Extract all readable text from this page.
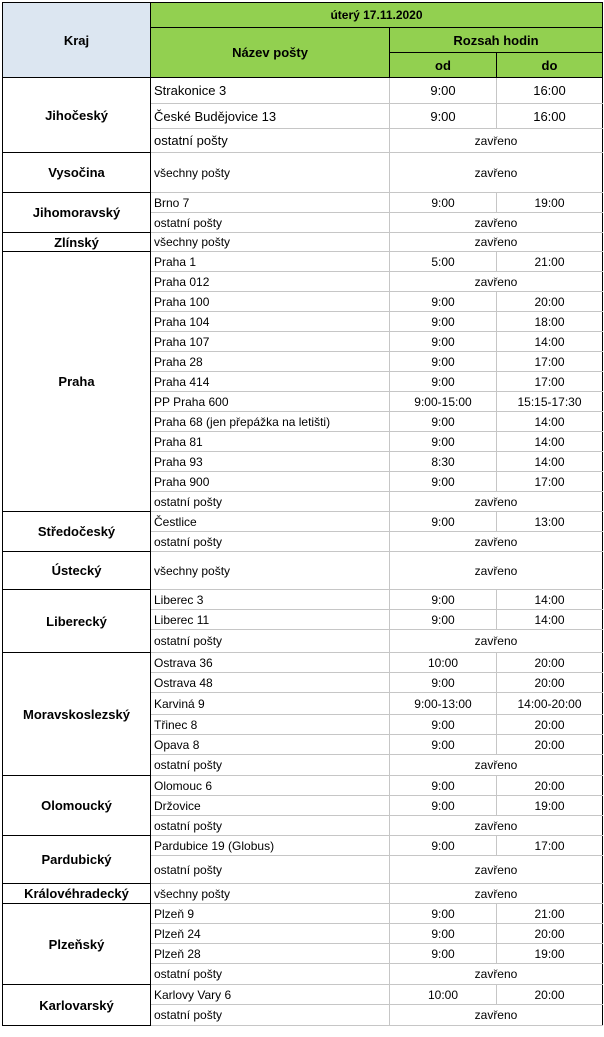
Kraj	úterý 17.11.2020		
	Název pošty	Rozsah hodin	
		od	do
Jihočeský	Strakonice 3	9:00	16:00
	České Budějovice 13	9:00	16:00
	ostatní pošty	zavřeno	
Vysočina	všechny pošty	zavřeno	
Jihomoravský	Brno 7	9:00	19:00
	ostatní pošty	zavřeno	
Zlínský	všechny pošty	zavřeno	
Praha	Praha 1	5:00	21:00
	Praha 012	zavřeno	
	Praha 100	9:00	20:00
	Praha 104	9:00	18:00
	Praha 107	9:00	14:00
	Praha 28	9:00	17:00
	Praha 414	9:00	17:00
	PP Praha 600	9:00-15:00	15:15-17:30
	Praha 68 (jen přepážka na letišti)	9:00	14:00
	Praha 81	9:00	14:00
	Praha 93	8:30	14:00
	Praha 900	9:00	17:00
	ostatní pošty	zavřeno	
Středočeský	Čestlice	9:00	13:00
	ostatní pošty	zavřeno	
Ústecký	všechny pošty	zavřeno	
Liberecký	Liberec 3	9:00	14:00
	Liberec 11	9:00	14:00
	ostatní pošty	zavřeno	
Moravskoslezský	Ostrava 36	10:00	20:00
	Ostrava 48	9:00	20:00
	Karviná 9	9:00-13:00	14:00-20:00
	Třinec 8	9:00	20:00
	Opava 8	9:00	20:00
	ostatní pošty	zavřeno	
Olomoucký	Olomouc 6	9:00	20:00
	Držovice	9:00	19:00
	ostatní pošty	zavřeno	
Pardubický	Pardubice 19 (Globus)	9:00	17:00
	ostatní pošty	zavřeno	
Královéhradecký	všechny pošty	zavřeno	
Plzeňský	Plzeň 9	9:00	21:00
	Plzeň 24	9:00	20:00
	Plzeň 28	9:00	19:00
	ostatní pošty	zavřeno	
Karlovarský	Karlovy Vary 6	10:00	20:00
	ostatní pošty	zavřeno	
